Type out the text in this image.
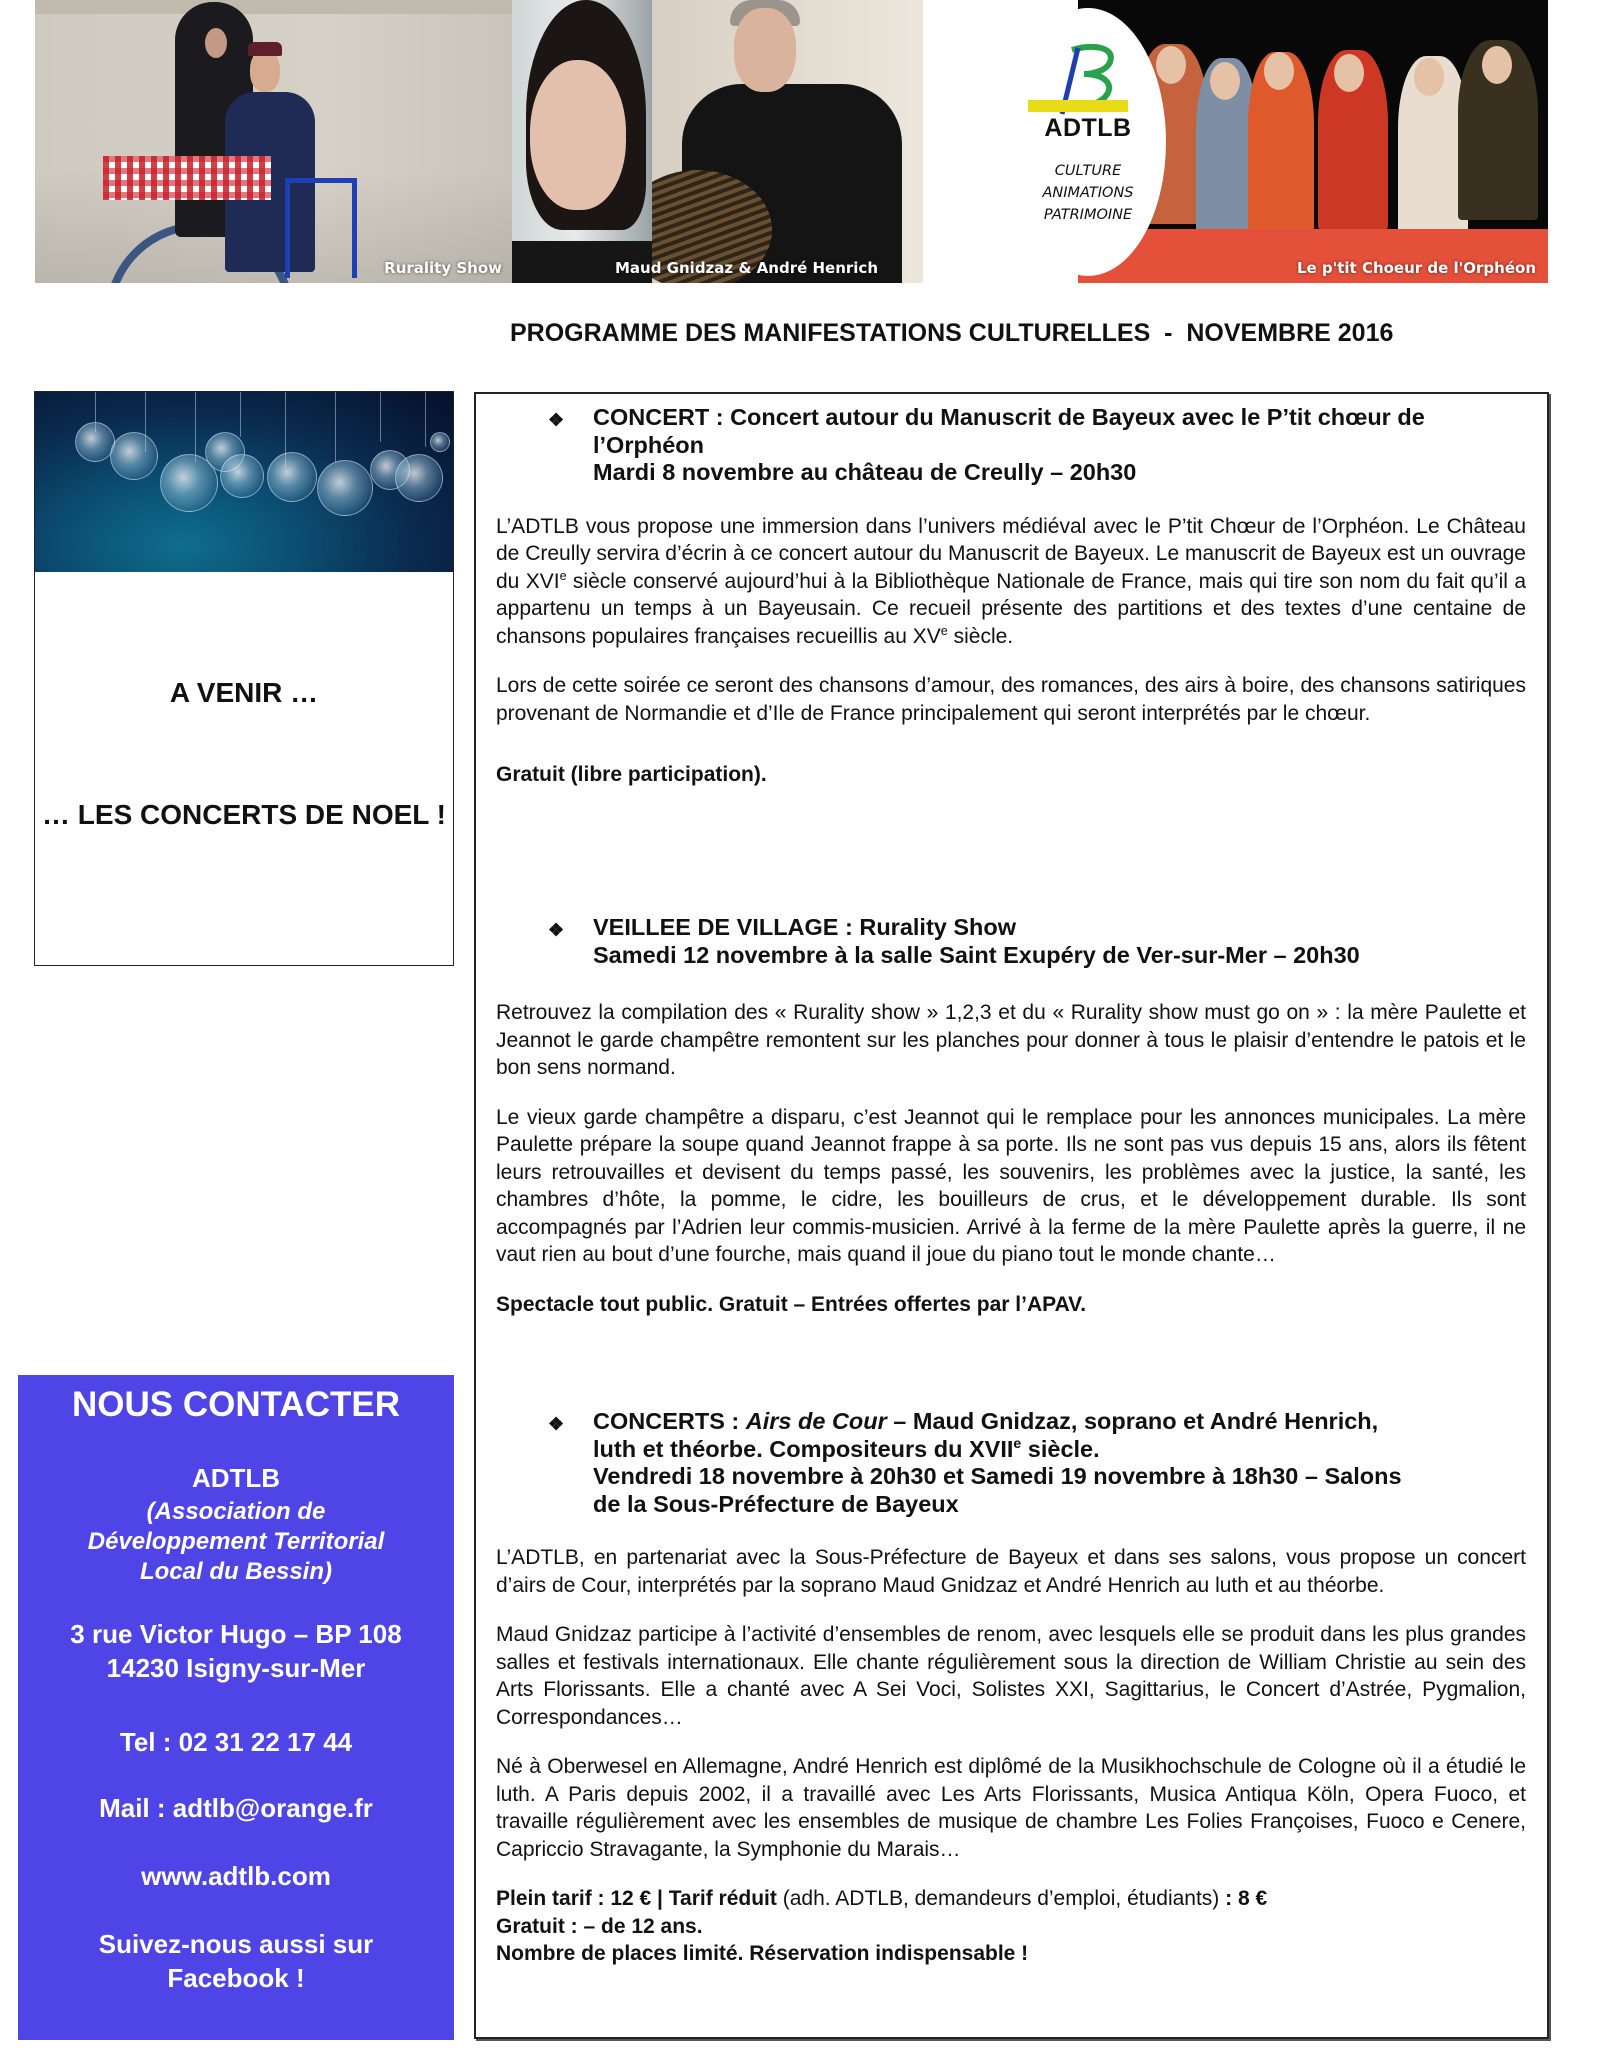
Rurality Show	Maud Gnidzaz & André Henrich	Le p'tit Choeur de l'Orphéon
ADTLB
CULTURE
ANIMATIONS
PATRIMOINE
PROGRAMME DES MANIFESTATIONS CULTURELLES  -  NOVEMBRE 2016
A VENIR …
… LES CONCERTS DE NOEL !
NOUS CONTACTER
ADTLB
(Association de
Développement Territorial
Local du Bessin)
3 rue Victor Hugo – BP 108
14230 Isigny-sur-Mer
Tel : 02 31 22 17 44
Mail : adtlb@orange.fr
www.adtlb.com
Suivez-nous aussi sur
Facebook !
❖ CONCERT : Concert autour du Manuscrit de Bayeux avec le P’tit chœur de
l’Orphéon
Mardi 8 novembre au château de Creully – 20h30

L’ADTLB vous propose une immersion dans l’univers médiéval avec le P’tit Chœur de l’Orphéon. Le Château de Creully servira d’écrin à ce concert autour du Manuscrit de Bayeux. Le manuscrit de Bayeux est un ouvrage du XVIe siècle conservé aujourd’hui à la Bibliothèque Nationale de France, mais qui tire son nom du fait qu’il a appartenu un temps à un Bayeusain. Ce recueil présente des partitions et des textes d’une centaine de chansons populaires françaises recueillis au XVe siècle.

Lors de cette soirée ce seront des chansons d’amour, des romances, des airs à boire, des chansons satiriques provenant de Normandie et d’Ile de France principalement qui seront interprétés par le chœur.

Gratuit (libre participation).

❖ VEILLEE DE VILLAGE : Rurality Show
Samedi 12 novembre à la salle Saint Exupéry de Ver-sur-Mer – 20h30

Retrouvez la compilation des « Rurality show » 1,2,3 et du « Rurality show must go on » : la mère Paulette et Jeannot le garde champêtre remontent sur les planches pour donner à tous le plaisir d’entendre le patois et le bon sens normand.

Le vieux garde champêtre a disparu, c’est Jeannot qui le remplace pour les annonces municipales. La mère Paulette prépare la soupe quand Jeannot frappe à sa porte. Ils ne sont pas vus depuis 15 ans, alors ils fêtent leurs retrouvailles et devisent du temps passé, les souvenirs, les problèmes avec la justice, la santé, les chambres d’hôte, la pomme, le cidre, les bouilleurs de crus, et le développement durable. Ils sont accompagnés par l’Adrien leur commis-musicien. Arrivé à la ferme de la mère Paulette après la guerre, il ne vaut rien au bout d’une fourche, mais quand il joue du piano tout le monde chante…

Spectacle tout public. Gratuit – Entrées offertes par l’APAV.

❖ CONCERTS : Airs de Cour – Maud Gnidzaz, soprano et André Henrich,
luth et théorbe. Compositeurs du XVIIe siècle.
Vendredi 18 novembre à 20h30 et Samedi 19 novembre à 18h30 – Salons
de la Sous-Préfecture de Bayeux

L’ADTLB, en partenariat avec la Sous-Préfecture de Bayeux et dans ses salons, vous propose un concert d’airs de Cour, interprétés par la soprano Maud Gnidzaz et André Henrich au luth et au théorbe.

Maud Gnidzaz participe à l’activité d’ensembles de renom, avec lesquels elle se produit dans les plus grandes salles et festivals internationaux. Elle chante régulièrement sous la direction de William Christie au sein des Arts Florissants. Elle a chanté avec A Sei Voci, Solistes XXI, Sagittarius, le Concert d’Astrée, Pygmalion, Correspondances…

Né à Oberwesel en Allemagne, André Henrich est diplômé de la Musikhochschule de Cologne où il a étudié le luth. A Paris depuis 2002, il a travaillé avec Les Arts Florissants, Musica Antiqua Köln, Opera Fuoco, et travaille régulièrement avec les ensembles de musique de chambre Les Folies Françoises, Fuoco e Cenere, Capriccio Stravagante, la Symphonie du Marais…

Plein tarif : 12 € | Tarif réduit (adh. ADTLB, demandeurs d’emploi, étudiants) : 8 €
Gratuit : – de 12 ans.
Nombre de places limité. Réservation indispensable !
